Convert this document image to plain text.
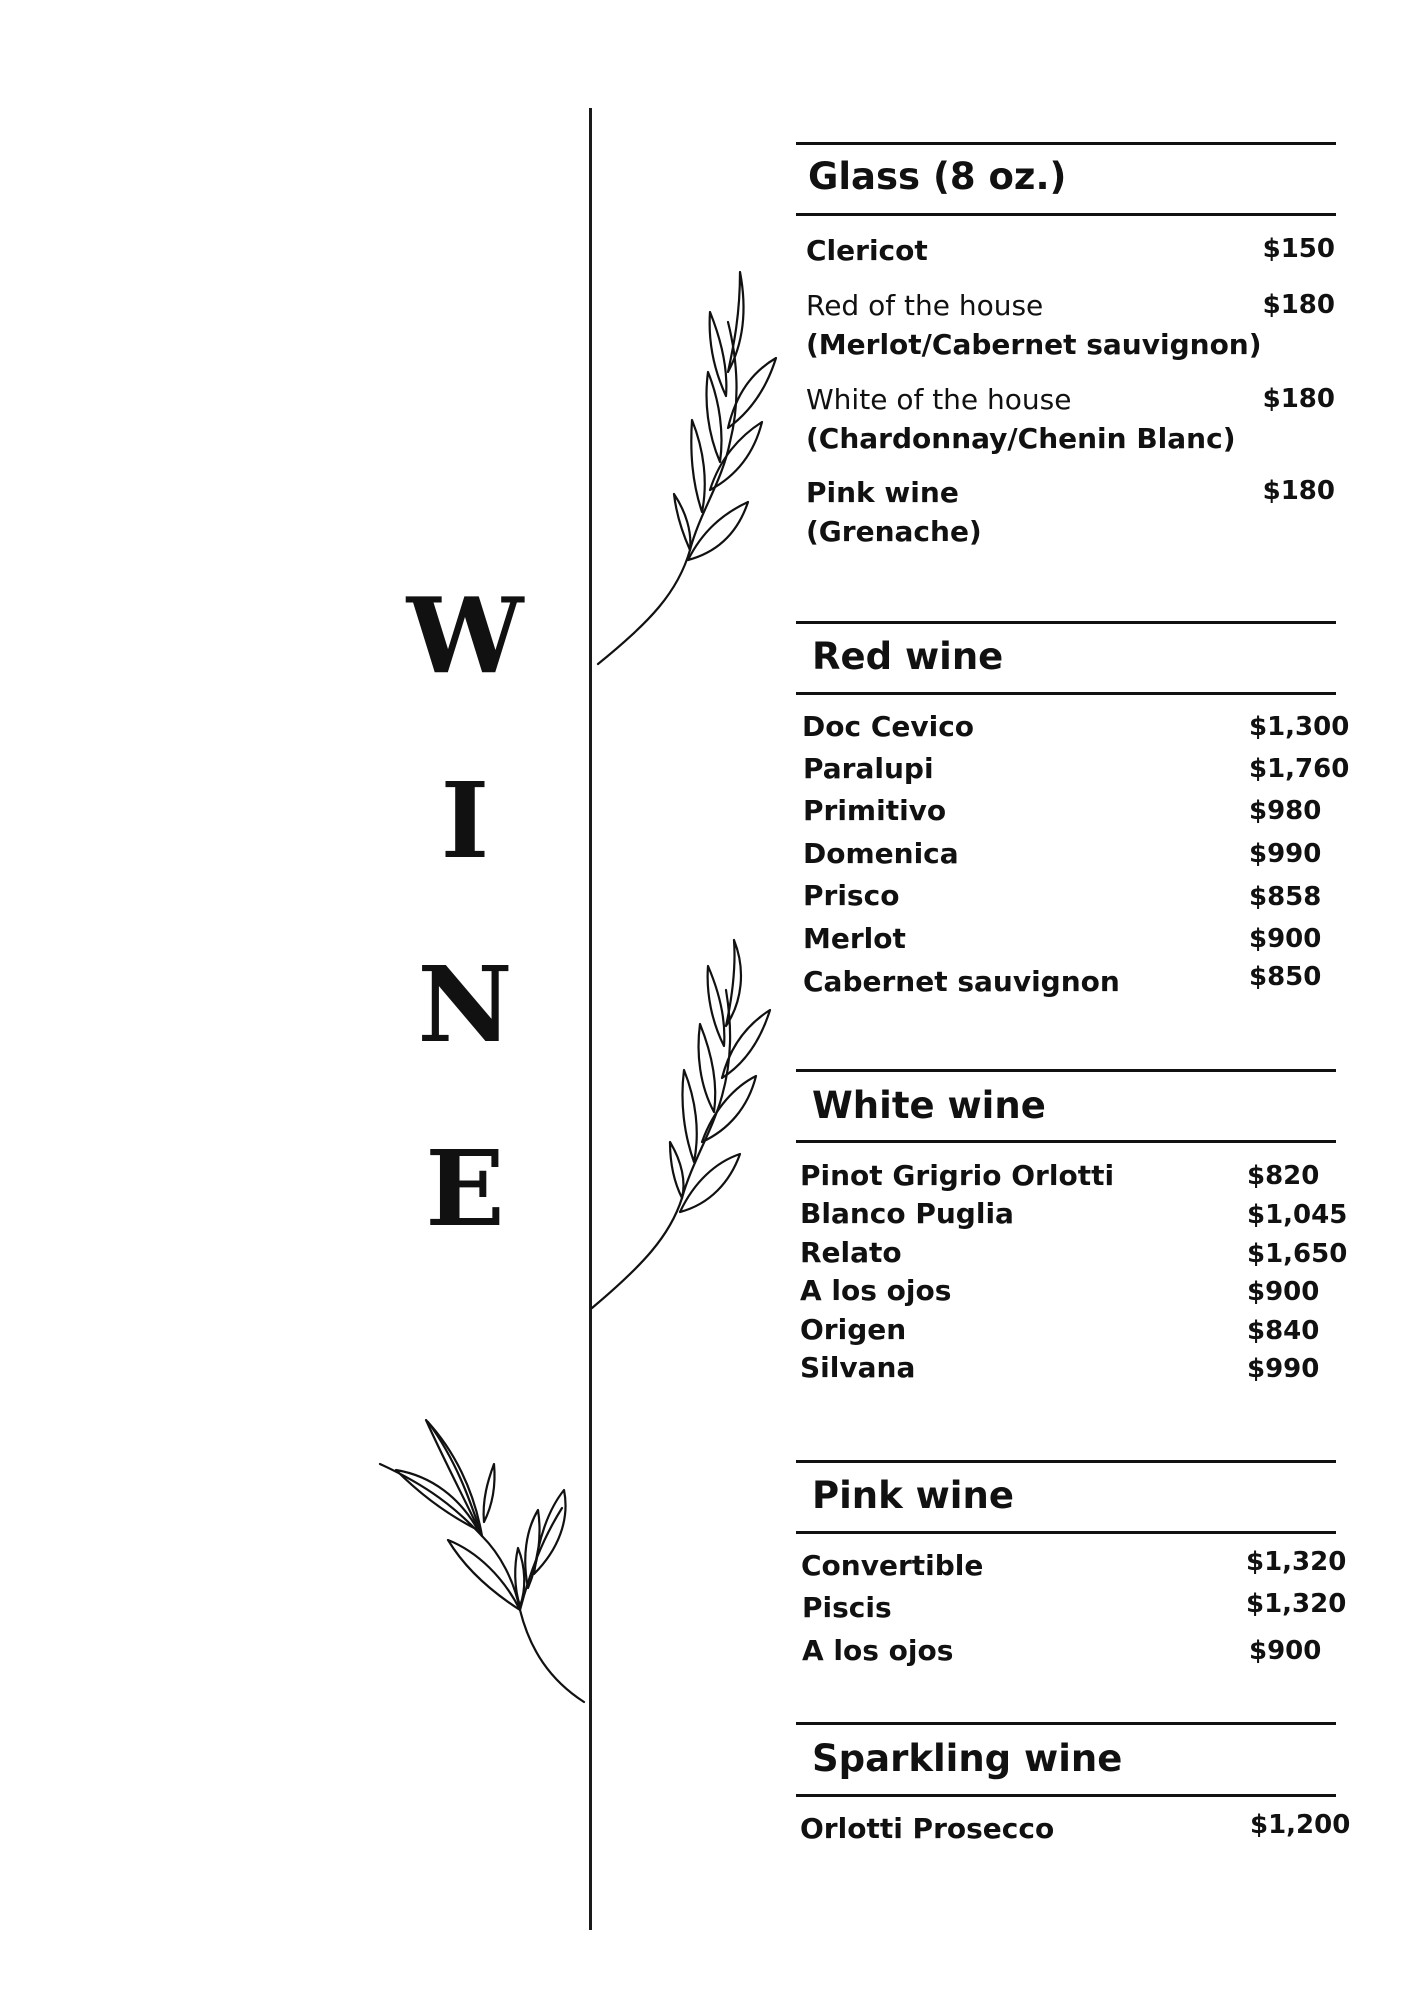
W
I
N
E
Glass (8 oz.)
Clericot	$150
Red of the house
(Merlot/Cabernet sauvignon)
$180
White of the house
(Chardonnay/Chenin Blanc)
$180
Pink wine
(Grenache)
$180
Red wine
Doc Cevico	$1,300
Paralupi	$1,760
Primitivo	$980
Domenica	$990
Prisco	$858
Merlot	$900
Cabernet sauvignon	$850
White wine
Pinot Grigrio Orlotti	$820
Blanco Puglia	$1,045
Relato	$1,650
A los ojos	$900
Origen	$840
Silvana	$990
Pink wine
Convertible	$1,320
Piscis	$1,320
A los ojos	$900
Sparkling wine
Orlotti Prosecco	$1,200
